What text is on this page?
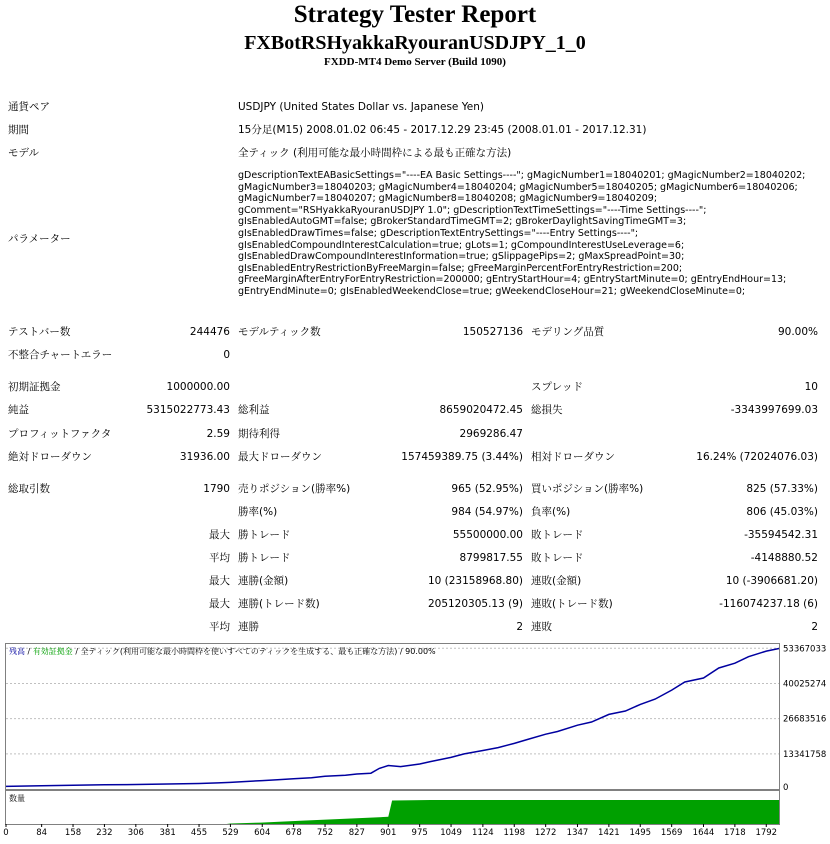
Strategy Tester Report
FXBotRSHyakkaRyouranUSDJPY_1_0
FXDD-MT4 Demo Server (Build 1090)
通貨ペア	USDJPY (United States Dollar vs. Japanese Yen)
期間	15分足(M15) 2008.01.02 06:45 - 2017.12.29 23:45 (2008.01.01 - 2017.12.31)
モデル	全ティック (利用可能な最小時間枠による最も正確な方法)
パラメーター
gDescriptionTextEABasicSettings="----EA Basic Settings----"; gMagicNumber1=18040201; gMagicNumber2=18040202;
gMagicNumber3=18040203; gMagicNumber4=18040204; gMagicNumber5=18040205; gMagicNumber6=18040206;
gMagicNumber7=18040207; gMagicNumber8=18040208; gMagicNumber9=18040209;
gComment="RSHyakkaRyouranUSDJPY 1.0"; gDescriptionTextTimeSettings="----Time Settings----";
gIsEnabledAutoGMT=false; gBrokerStandardTimeGMT=2; gBrokerDaylightSavingTimeGMT=3;
gIsEnabledDrawTimes=false; gDescriptionTextEntrySettings="----Entry Settings----";
gIsEnabledCompoundInterestCalculation=true; gLots=1; gCompoundInterestUseLeverage=6;
gIsEnabledDrawCompoundInterestInformation=true; gSlippagePips=2; gMaxSpreadPoint=30;
gIsEnabledEntryRestrictionByFreeMargin=false; gFreeMarginPercentForEntryRestriction=200;
gFreeMarginAfterEntryForEntryRestriction=200000; gEntryStartHour=4; gEntryStartMinute=0; gEntryEndHour=13;
gEntryEndMinute=0; gIsEnabledWeekendClose=true; gWeekendCloseHour=21; gWeekendCloseMinute=0;
テストバー数	244476 モデルティック数	150527136 モデリング品質	90.00%
不整合チャートエラー	0
初期証拠金	1000000.00	スプレッド	10
純益	5315022773.43 総利益	8659020472.45 総損失	-3343997699.03
プロフィットファクタ	2.59 期待利得	2969286.47
絶対ドローダウン	31936.00 最大ドローダウン	157459389.75 (3.44%) 相対ドローダウン	16.24% (72024076.03)
総取引数	1790 売りポジション(勝率%)	965 (52.95%) 買いポジション(勝率%)	825 (57.33%)
勝率(%)	984 (54.97%) 負率(%)	806 (45.03%)
最大 勝トレード	55500000.00 敗トレード	-35594542.31
平均 勝トレード	8799817.55 敗トレード	-4148880.52
最大 連勝(金額)	10 (23158968.80) 連敗(金額)	10 (-3906681.20)
最大 連勝(トレード数)	205120305.13 (9) 連敗(トレード数)	-116074237.18 (6)
平均 連勝	2 連敗	2
残高 / 有効証拠金 / 全ティック(利用可能な最小時間枠を使いすべてのティックを生成する、最も正確な方法) / 90.00%
0
13341758
26683516
40025274
53367033
数量
0	84 158 232 306 381 455 529 604 678 752 827 901 975 1049 1124 1198 1272 1347 1421 1495 1569 1644 1718 1792
